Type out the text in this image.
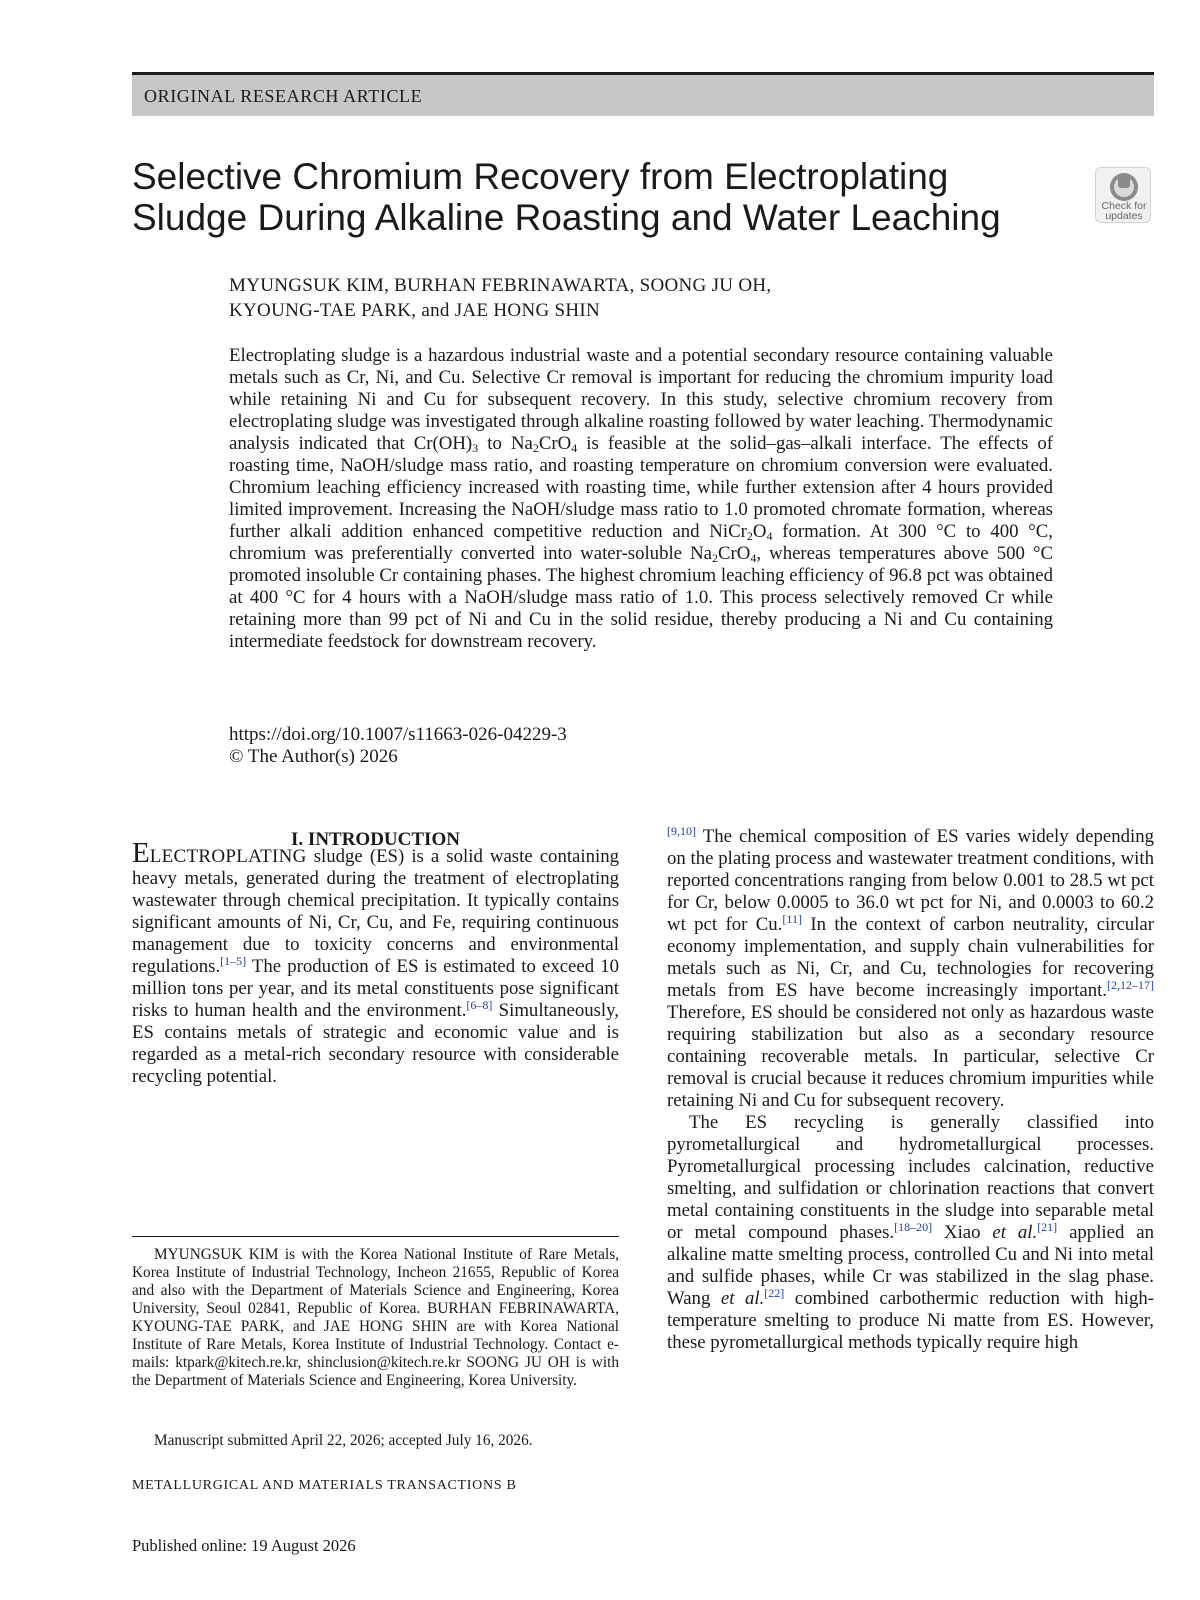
ORIGINAL RESEARCH ARTICLE
Selective Chromium Recovery from Electroplating Sludge During Alkaline Roasting and Water Leaching	Check for updates
MYUNGSUK KIM, BURHAN FEBRINAWARTA, SOONG JU OH,
KYOUNG-TAE PARK, and JAE HONG SHIN

Electroplating sludge is a hazardous industrial waste and a potential secondary resource containing valuable metals such as Cr, Ni, and Cu. Selective Cr removal is important for reducing the chromium impurity load while retaining Ni and Cu for subsequent recovery. In this study, selective chromium recovery from electroplating sludge was investigated through alkaline roasting followed by water leaching. Thermodynamic analysis indicated that $Cr(OH)_3$ to $Na_2CrO_4$ is feasible at the solid–gas–alkali interface. The effects of roasting time, NaOH/sludge mass ratio, and roasting temperature on chromium conversion were evaluated. Chromium leaching efficiency increased with roasting time, while further extension after 4 hours provided limited improvement. Increasing the NaOH/sludge mass ratio to 1.0 promoted chromate formation, whereas further alkali addition enhanced competitive reduction and $NiCr_2O_4$ formation. At 300 °C to 400 °C, chromium was preferentially converted into water-soluble $Na_2CrO_4$, whereas temperatures above 500 °C promoted insoluble Cr containing phases. The highest chromium leaching efficiency of 96.8 pct was obtained at 400 °C for 4 hours with a NaOH/sludge mass ratio of 1.0. This process selectively removed Cr while retaining more than 99 pct of Ni and Cu in the solid residue, thereby producing a Ni and Cu containing intermediate feedstock for downstream recovery.

https://doi.org/10.1007/s11663-026-04229-3

© The Author(s) 2026

I. INTRODUCTION

ELECTROPLATING sludge (ES) is a solid waste containing heavy metals, generated during the treatment of electroplating wastewater through chemical precipitation. It typically contains significant amounts of Ni, Cr, Cu, and Fe, requiring continuous management due to toxicity concerns and environmental regulations.[1–5] The production of ES is estimated to exceed 10 million tons per year, and its metal constituents pose significant risks to human health and the environment.[6–8] Simultaneously, ES contains metals of strategic and economic value and is regarded as a metal-rich secondary resource with considerable recycling potential.

[9,10] The chemical composition of ES varies widely depending on the plating process and wastewater treatment conditions, with reported concentrations ranging from below 0.001 to 28.5 wt pct for Cr, below 0.0005 to 36.0 wt pct for Ni, and 0.0003 to 60.2 wt pct for Cu.[11] In the context of carbon neutrality, circular economy implementation, and supply chain vulnerabilities for metals such as Ni, Cr, and Cu, technologies for recovering metals from ES have become increasingly important.[2,12–17] Therefore, ES should be considered not only as hazardous waste requiring stabilization but also as a secondary resource containing recoverable metals. In particular, selective Cr removal is crucial because it reduces chromium impurities while retaining Ni and Cu for subsequent recovery.

The ES recycling is generally classified into pyrometallurgical and hydrometallurgical processes. Pyrometallurgical processing includes calcination, reductive smelting, and sulfidation or chlorination reactions that convert metal containing constituents in the sludge into separable metal or metal compound phases.[18–20] Xiao et al.[21] applied an alkaline matte smelting process, controlled Cu and Ni into metal and sulfide phases, while Cr was stabilized in the slag phase. Wang et al.[22] combined carbothermic reduction with high-temperature smelting to produce Ni matte from ES. However, these pyrometallurgical methods typically require high

MYUNGSUK KIM is with the Korea National Institute of Rare Metals, Korea Institute of Industrial Technology, Incheon 21655, Republic of Korea and also with the Department of Materials Science and Engineering, Korea University, Seoul 02841, Republic of Korea. BURHAN FEBRINAWARTA, KYOUNG-TAE PARK, and JAE HONG SHIN are with Korea National Institute of Rare Metals, Korea Institute of Industrial Technology. Contact e-mails: ktpark@kitech.re.kr, shinclusion@kitech.re.kr SOONG JU OH is with the Department of Materials Science and Engineering, Korea University.

Manuscript submitted April 22, 2026; accepted July 16, 2026.

METALLURGICAL AND MATERIALS TRANSACTIONS B

Published online: 19 August 2026
